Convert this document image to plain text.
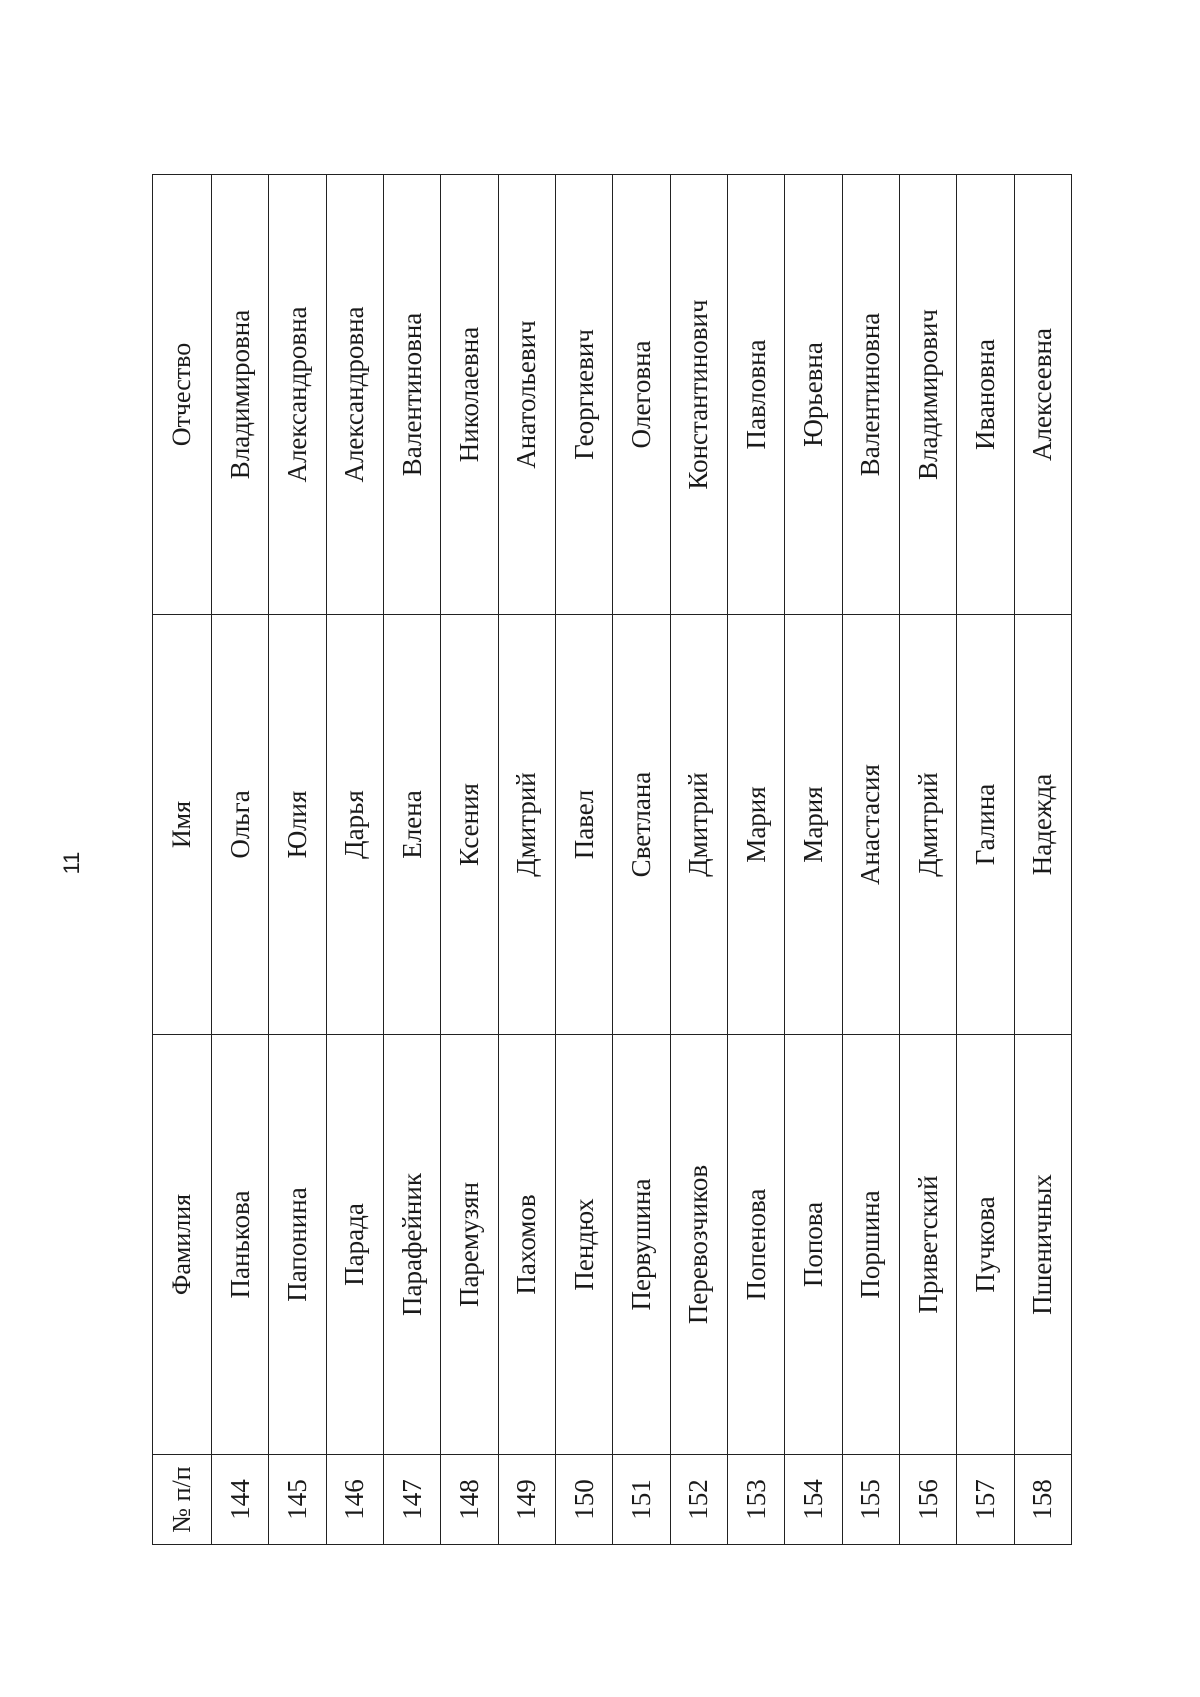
11
№ п/п	Фамилия	Имя	Отчество
144	Панькова	Ольга	Владимировна
145	Папонина	Юлия	Александровна
146	Парада	Дарья	Александровна
147	Парафейник	Елена	Валентиновна
148	Паремузян	Ксения	Николаевна
149	Пахомов	Дмитрий	Анатольевич
150	Пендюх	Павел	Георгиевич
151	Первушина	Светлана	Олеговна
152	Перевозчиков	Дмитрий	Константинович
153	Попенова	Мария	Павловна
154	Попова	Мария	Юрьевна
155	Поршина	Анастасия	Валентиновна
156	Приветский	Дмитрий	Владимирович
157	Пучкова	Галина	Ивановна
158	Пшеничных	Надежда	Алексеевна
